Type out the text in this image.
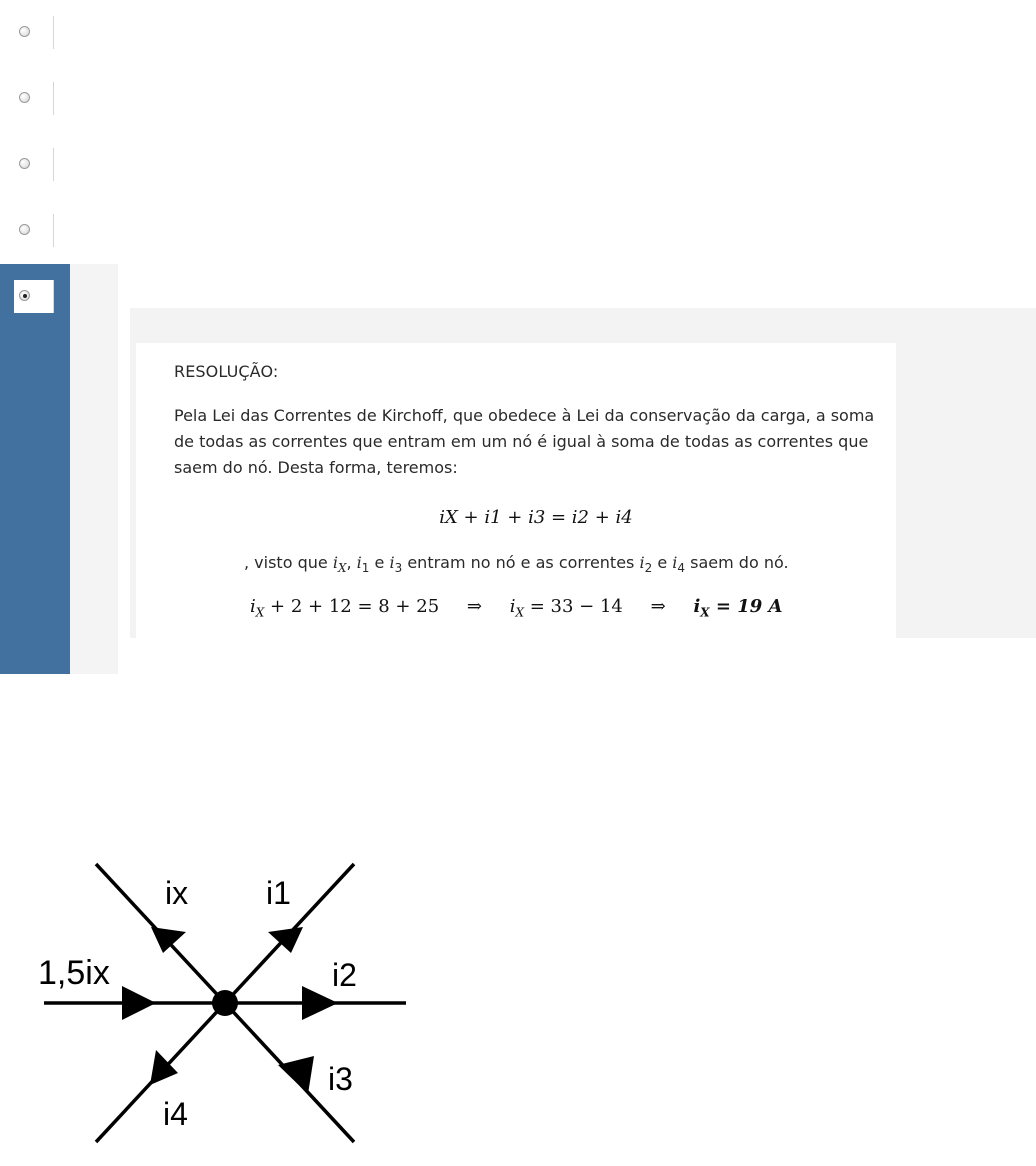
RESOLUÇÃO:
Pela Lei das Correntes de Kirchoff, que obedece à Lei da conservação da carga, a soma de todas as correntes que entram em um nó é igual à soma de todas as correntes que saem do nó. Desta forma, teremos:
iX + i1 + i3 = i2 + i4
, visto que $i_X$, $i_1$ e $i_3$ entram no nó e as correntes $i_2$ e $i_4$ saem do nó.
$i_X + 2 + 12 = 8 + 25$ ⇒ $i_X = 33 - 14$ ⇒ $i_X = 19$ A
ix i1
i2
i3
i4
1,5ix
